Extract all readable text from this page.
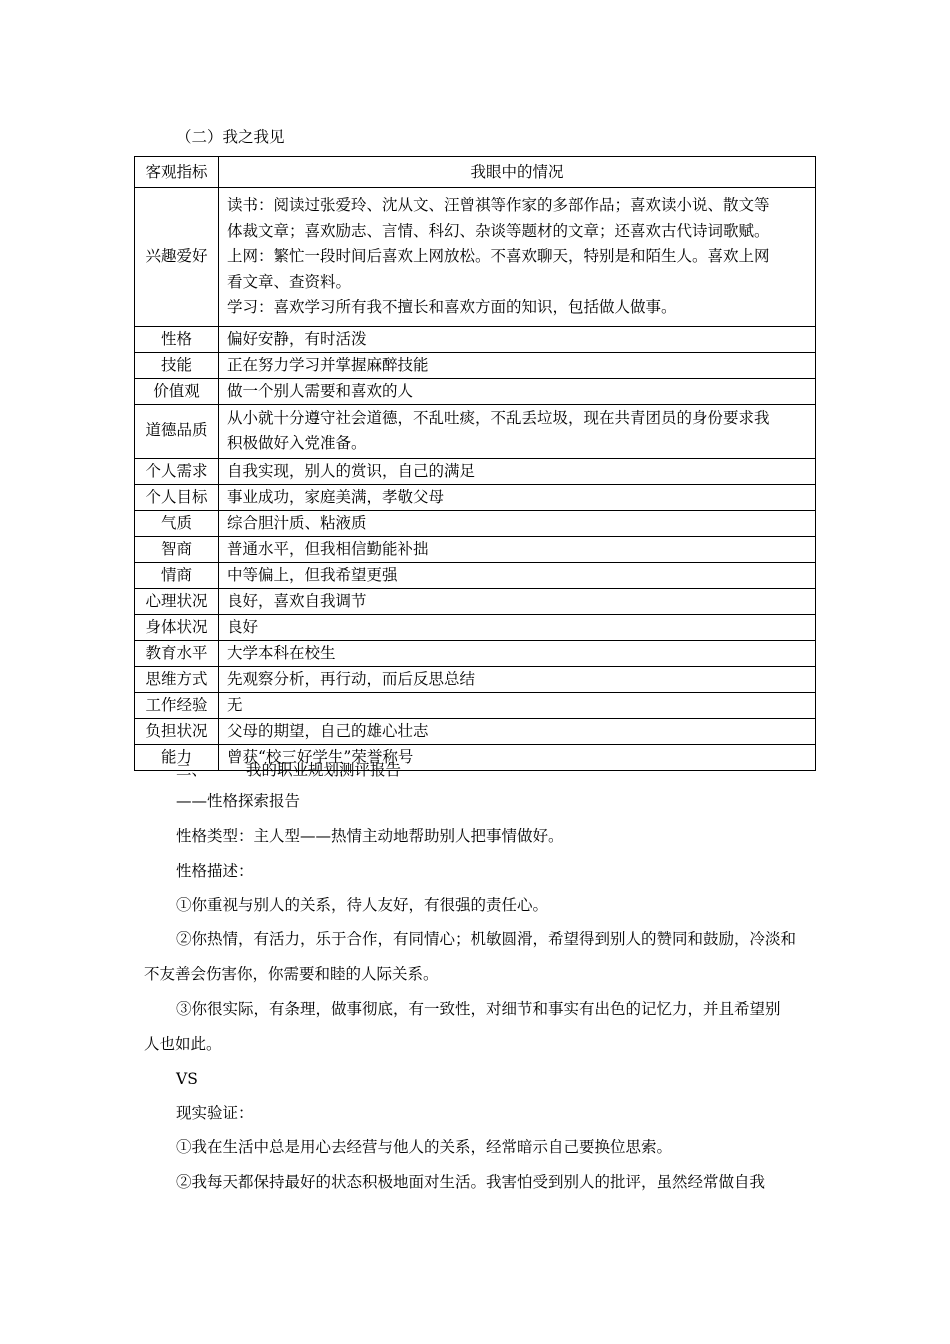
（二）我之我见
客观指标	我眼中的情况
兴趣爱好	读书：阅读过张爱玲、沈从文、汪曾祺等作家的多部作品；喜欢读小说、散文等
体裁文章；喜欢励志、言情、科幻、杂谈等题材的文章；还喜欢古代诗词歌赋。
上网：繁忙一段时间后喜欢上网放松。不喜欢聊天，特别是和陌生人。喜欢上网
看文章、查资料。
学习：喜欢学习所有我不擅长和喜欢方面的知识，包括做人做事。

性格	偏好安静，有时活泼

技能	正在努力学习并掌握麻醉技能

价值观	做一个别人需要和喜欢的人

道德品质	从小就十分遵守社会道德，不乱吐痰，不乱丢垃圾，现在共青团员的身份要求我
积极做好入党准备。

个人需求	自我实现，别人的赏识，自己的满足

个人目标	事业成功，家庭美满，孝敬父母

气质	综合胆汁质、粘液质

智商	普通水平，但我相信勤能补拙

情商	中等偏上，但我希望更强

心理状况	良好，喜欢自我调节

身体状况	良好

教育水平	大学本科在校生

思维方式	先观察分析，再行动，而后反思总结

工作经验	无

负担状况	父母的期望，自己的雄心壮志

能力	曾获“校三好学生”荣誉称号
二、	我的职业规划测评报告
——性格探索报告
性格类型：主人型——热情主动地帮助别人把事情做好。
性格描述：
①你重视与别人的关系，待人友好，有很强的责任心。
②你热情，有活力，乐于合作，有同情心；机敏圆滑，希望得到别人的赞同和鼓励，冷淡和
不友善会伤害你，你需要和睦的人际关系。
③你很实际，有条理，做事彻底，有一致性，对细节和事实有出色的记忆力，并且希望别
人也如此。
VS
现实验证：
①我在生活中总是用心去经营与他人的关系，经常暗示自己要换位思索。
②我每天都保持最好的状态积极地面对生活。我害怕受到别人的批评，虽然经常做自我
